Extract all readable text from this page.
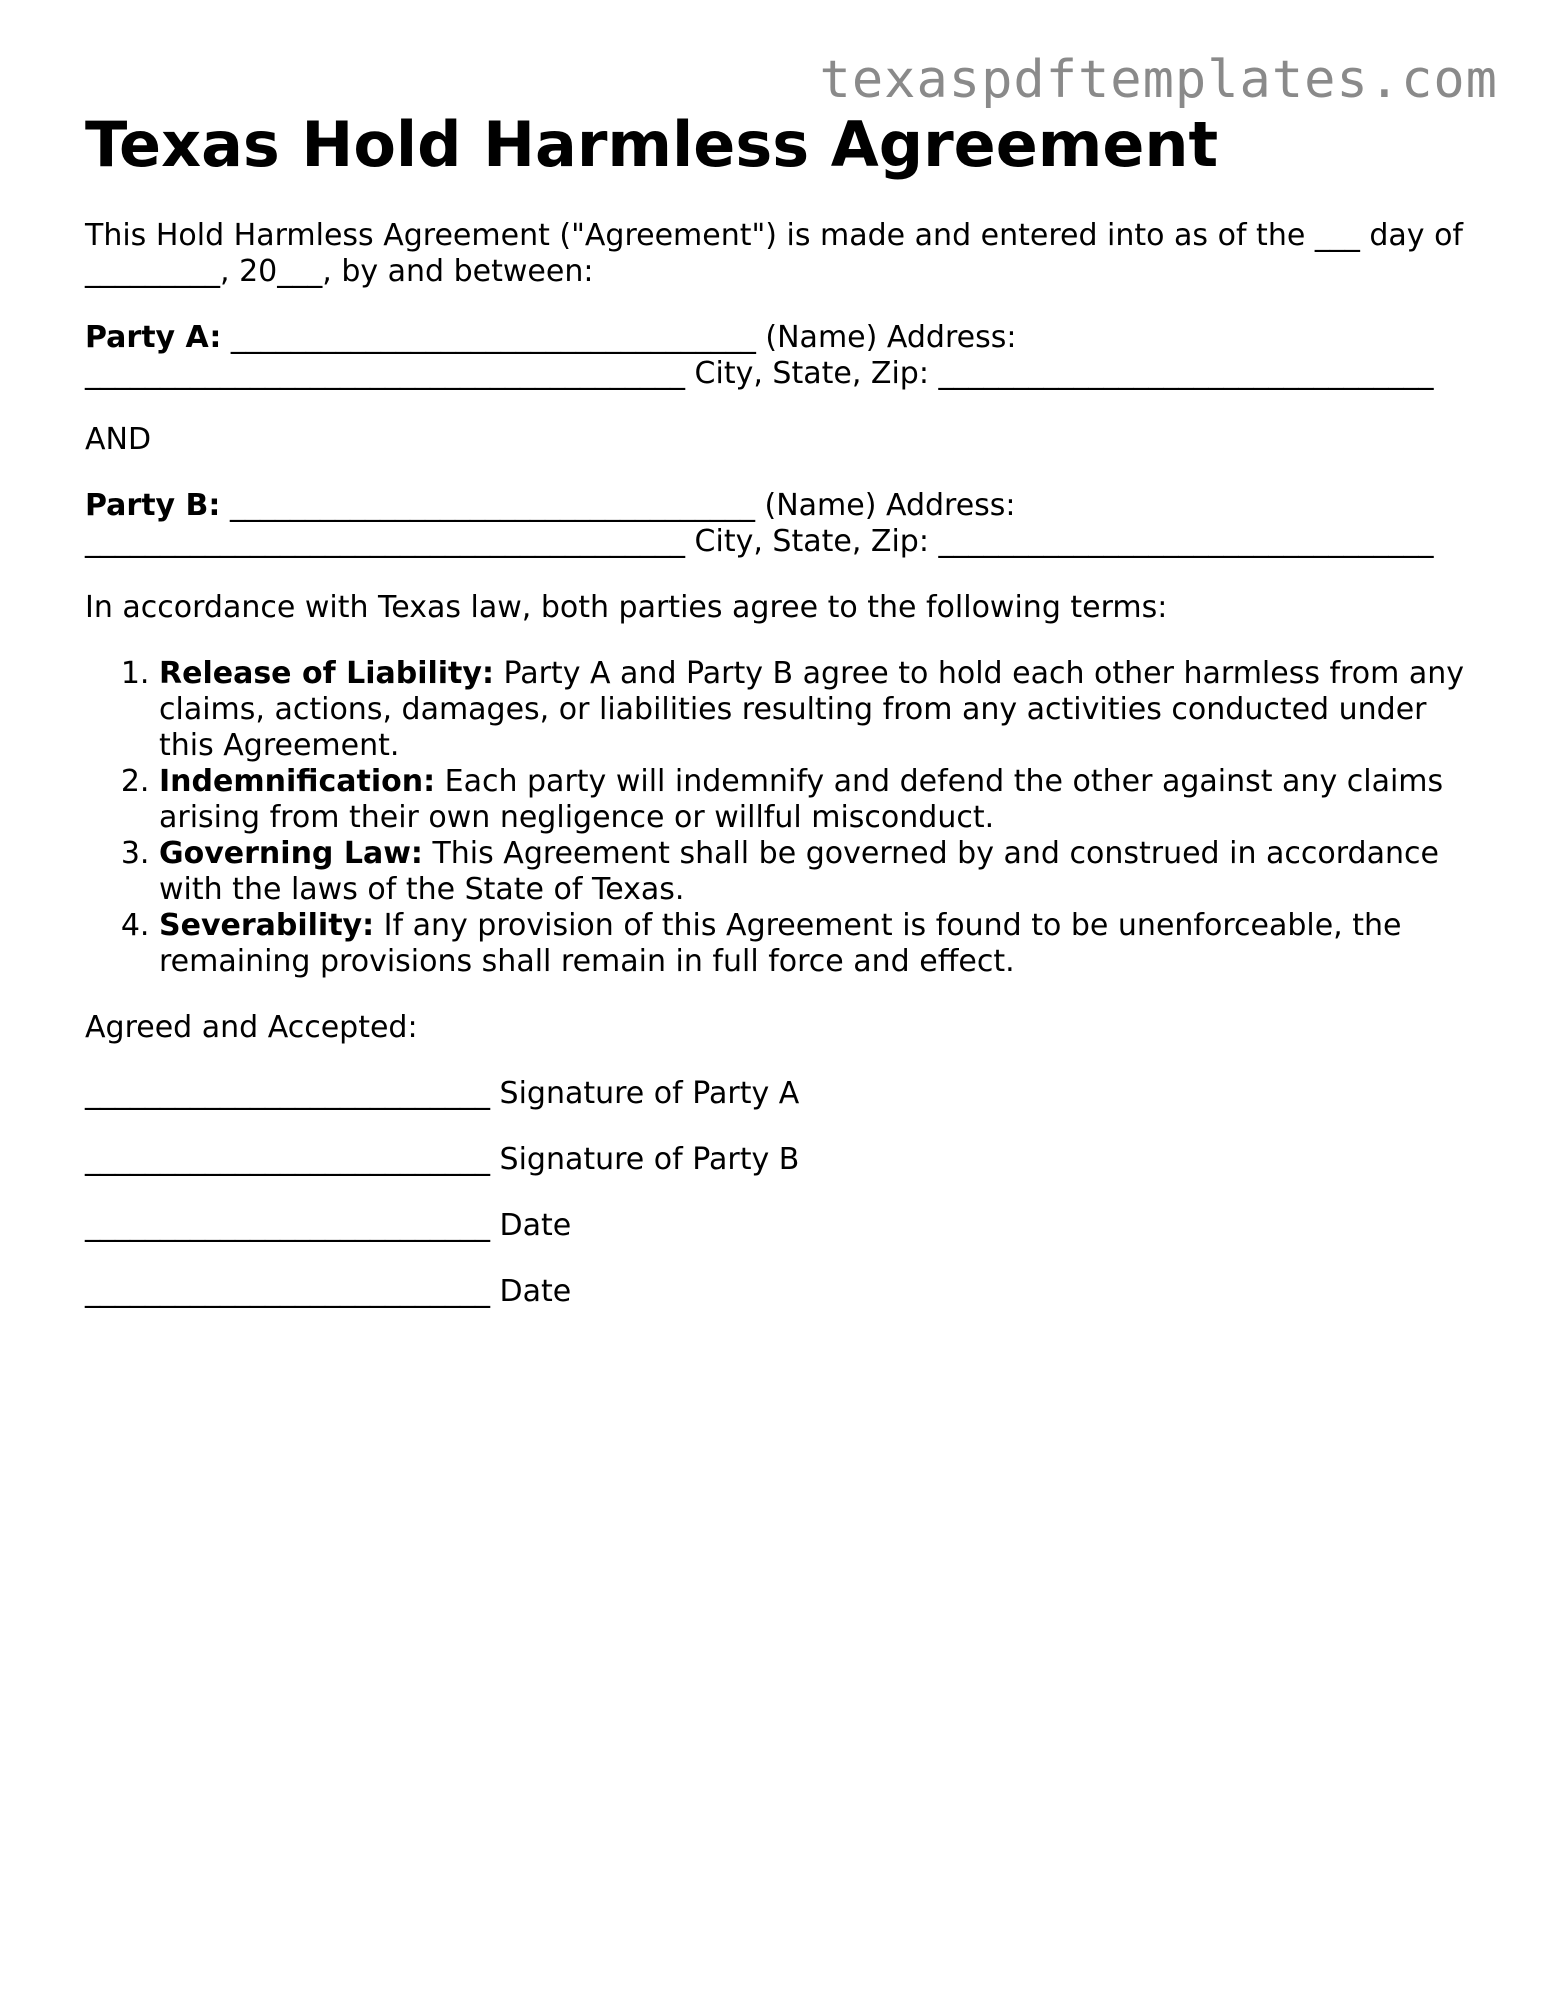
texaspdftemplates.com
Texas Hold Harmless Agreement

This Hold Harmless Agreement ("Agreement") is made and entered into as of the ___ day of _________, 20___, by and between:

Party A: ___________________________________ (Name) Address: ________________________________________ City, State, Zip: _________________________________

AND

Party B: ___________________________________ (Name) Address: ________________________________________ City, State, Zip: _________________________________

In accordance with Texas law, both parties agree to the following terms:

1. Release of Liability: Party A and Party B agree to hold each other harmless from any claims, actions, damages, or liabilities resulting from any activities conducted under this Agreement.
2. Indemnification: Each party will indemnify and defend the other against any claims arising from their own negligence or willful misconduct.
3. Governing Law: This Agreement shall be governed by and construed in accordance with the laws of the State of Texas.
4. Severability: If any provision of this Agreement is found to be unenforceable, the remaining provisions shall remain in full force and effect.

Agreed and Accepted:

___________________________ Signature of Party A

___________________________ Signature of Party B

___________________________ Date

___________________________ Date
